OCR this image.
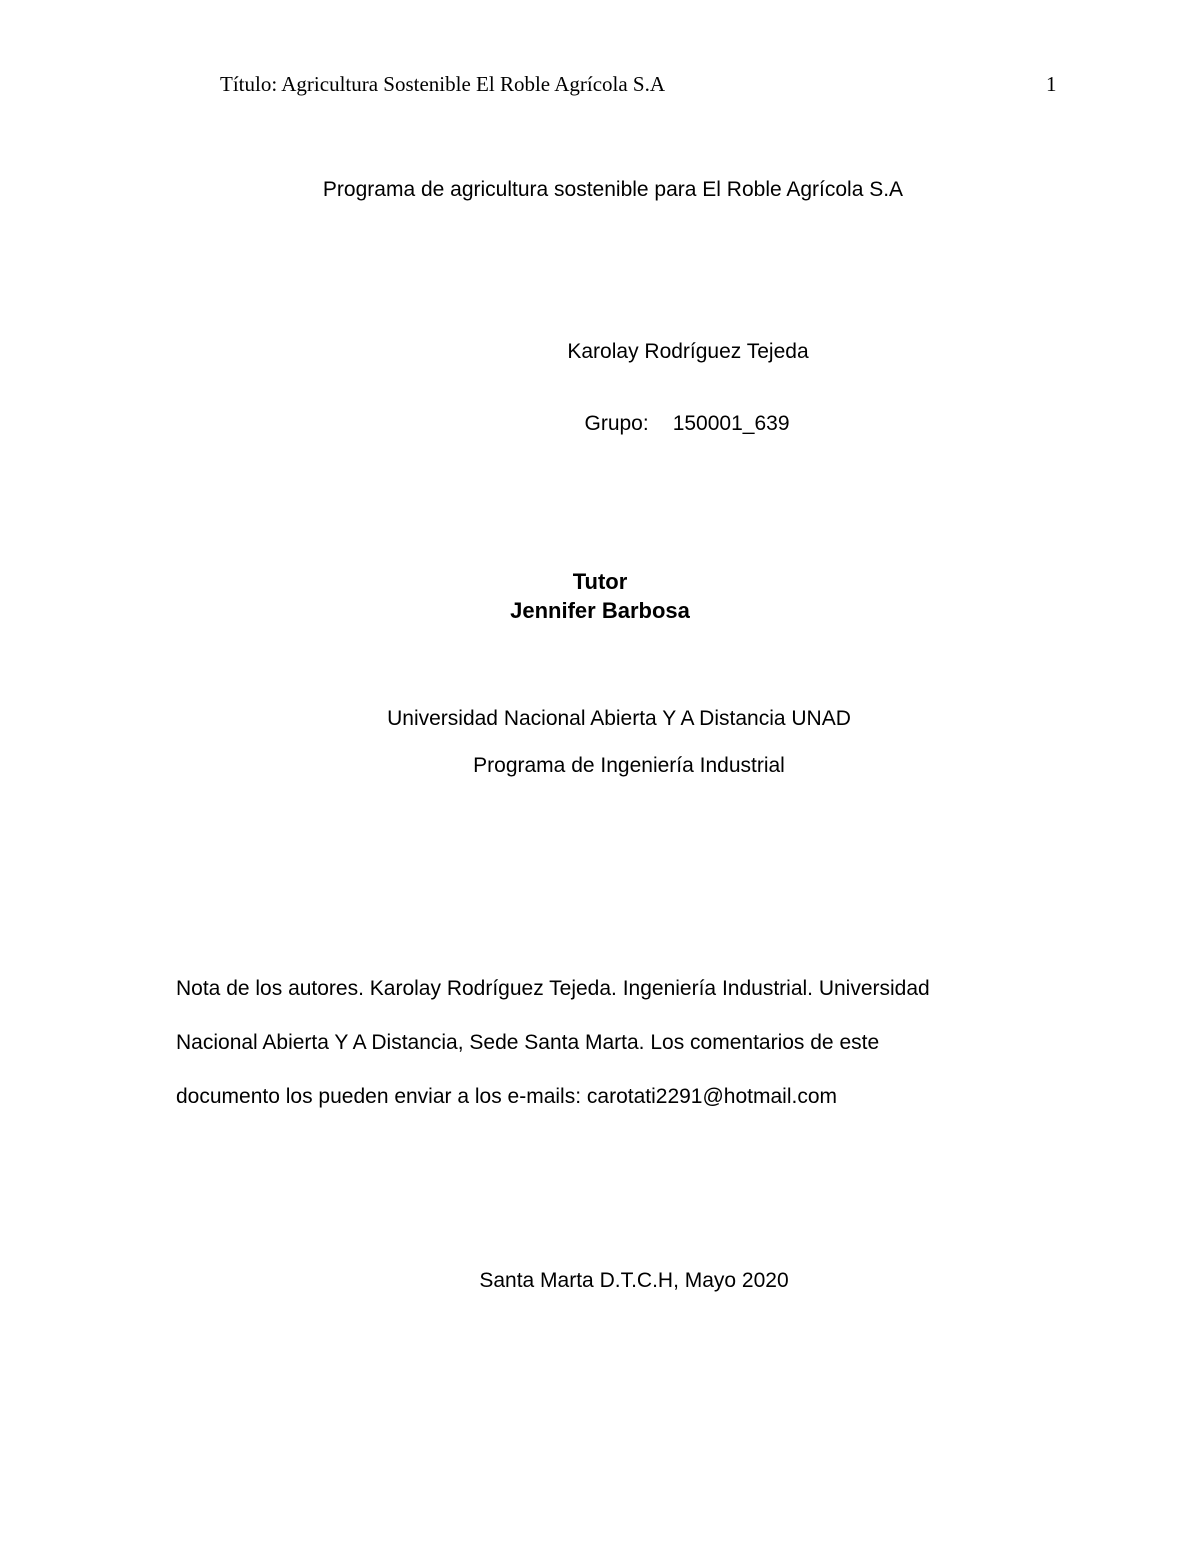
Título: Agricultura Sostenible El Roble Agrícola S.A	1
Programa de agricultura sostenible para El Roble Agrícola S.A
Karolay Rodríguez Tejeda
Grupo: 150001_639
Tutor
Jennifer Barbosa
Universidad Nacional Abierta Y A Distancia UNAD
Programa de Ingeniería Industrial
Nota de los autores. Karolay Rodríguez Tejeda. Ingeniería Industrial. Universidad
Nacional Abierta Y A Distancia, Sede Santa Marta. Los comentarios de este
documento los pueden enviar a los e-mails: carotati2291@hotmail.com
Santa Marta D.T.C.H, Mayo 2020
